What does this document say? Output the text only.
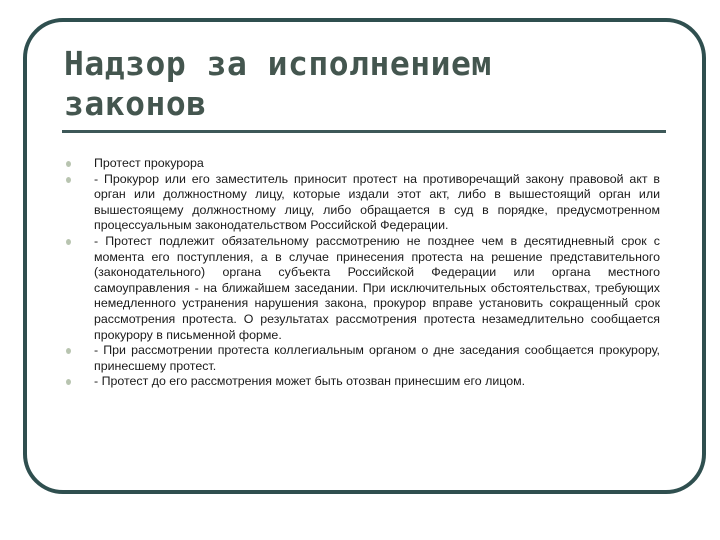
Надзор за исполнением
законов
Протест прокурора
- Прокурор или его заместитель приносит протест на противоречащий закону правовой акт в орган или должностному лицу, которые издали этот акт, либо в вышестоящий орган или вышестоящему должностному лицу, либо обращается в суд в порядке, предусмотренном процессуальным законодательством Российской Федерации.
- Протест подлежит обязательному рассмотрению не позднее чем в десятидневный срок с момента его поступления, а в случае принесения протеста на решение представительного (законодательного) органа субъекта Российской Федерации или органа местного самоуправления - на ближайшем заседании. При исключительных обстоятельствах, требующих немедленного устранения нарушения закона, прокурор вправе установить сокращенный срок рассмотрения протеста. О результатах рассмотрения протеста незамедлительно сообщается прокурору в письменной форме.
- При рассмотрении протеста коллегиальным органом о дне заседания сообщается прокурору, принесшему протест.
- Протест до его рассмотрения может быть отозван принесшим его лицом.
